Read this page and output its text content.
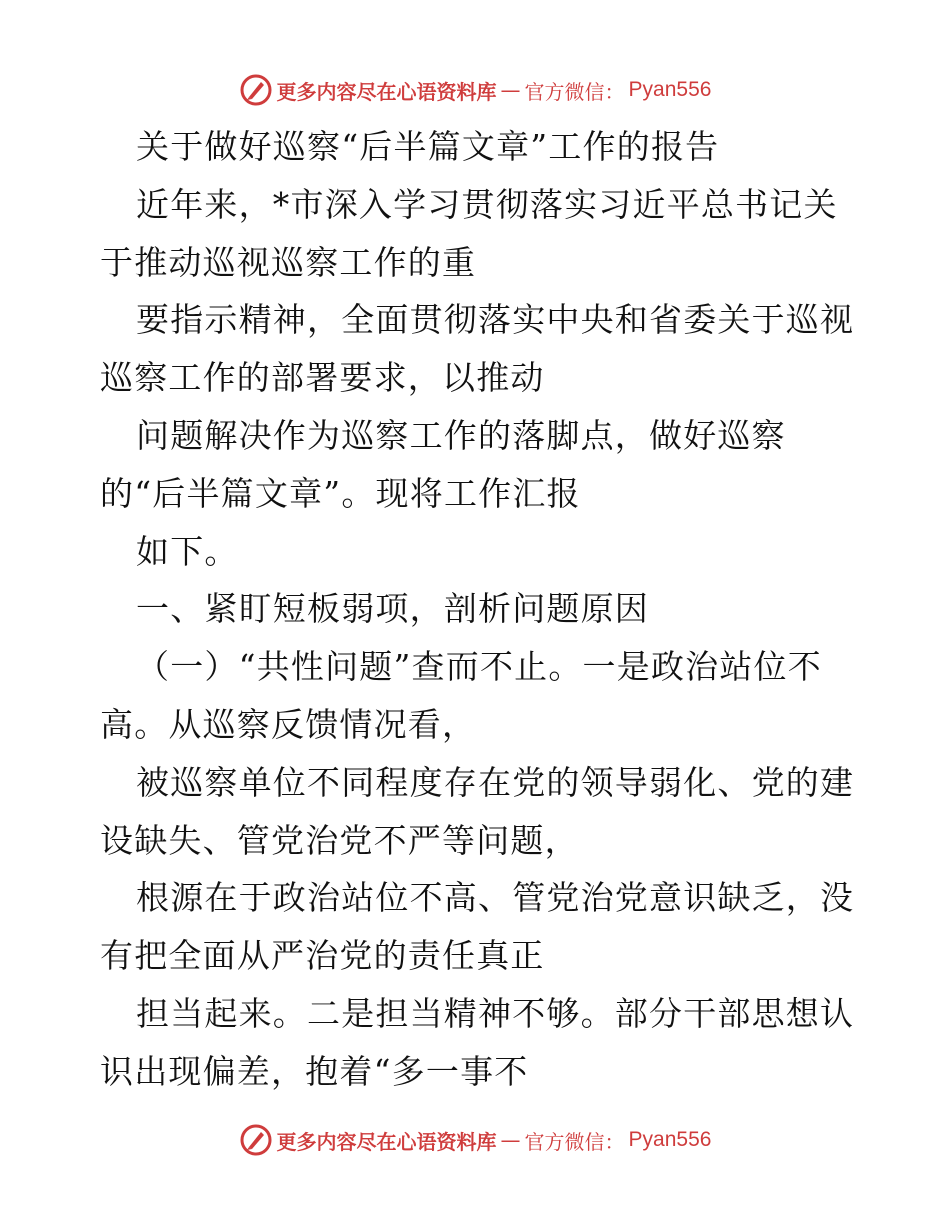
更多内容尽在心语资料库 — 官方微信： Pyan556
关于做好巡察“后半篇文章”工作的报告
近年来，*市深入学习贯彻落实习近平总书记关
于推动巡视巡察工作的重
要指示精神，全面贯彻落实中央和省委关于巡视
巡察工作的部署要求，以推动
问题解决作为巡察工作的落脚点，做好巡察
的“后半篇文章”。现将工作汇报
如下。
一、紧盯短板弱项，剖析问题原因
（一）“共性问题”查而不止。一是政治站位不
高。从巡察反馈情况看，
被巡察单位不同程度存在党的领导弱化、党的建
设缺失、管党治党不严等问题，
根源在于政治站位不高、管党治党意识缺乏，没
有把全面从严治党的责任真正
担当起来。二是担当精神不够。部分干部思想认
识出现偏差，抱着“多一事不
更多内容尽在心语资料库 — 官方微信： Pyan556
